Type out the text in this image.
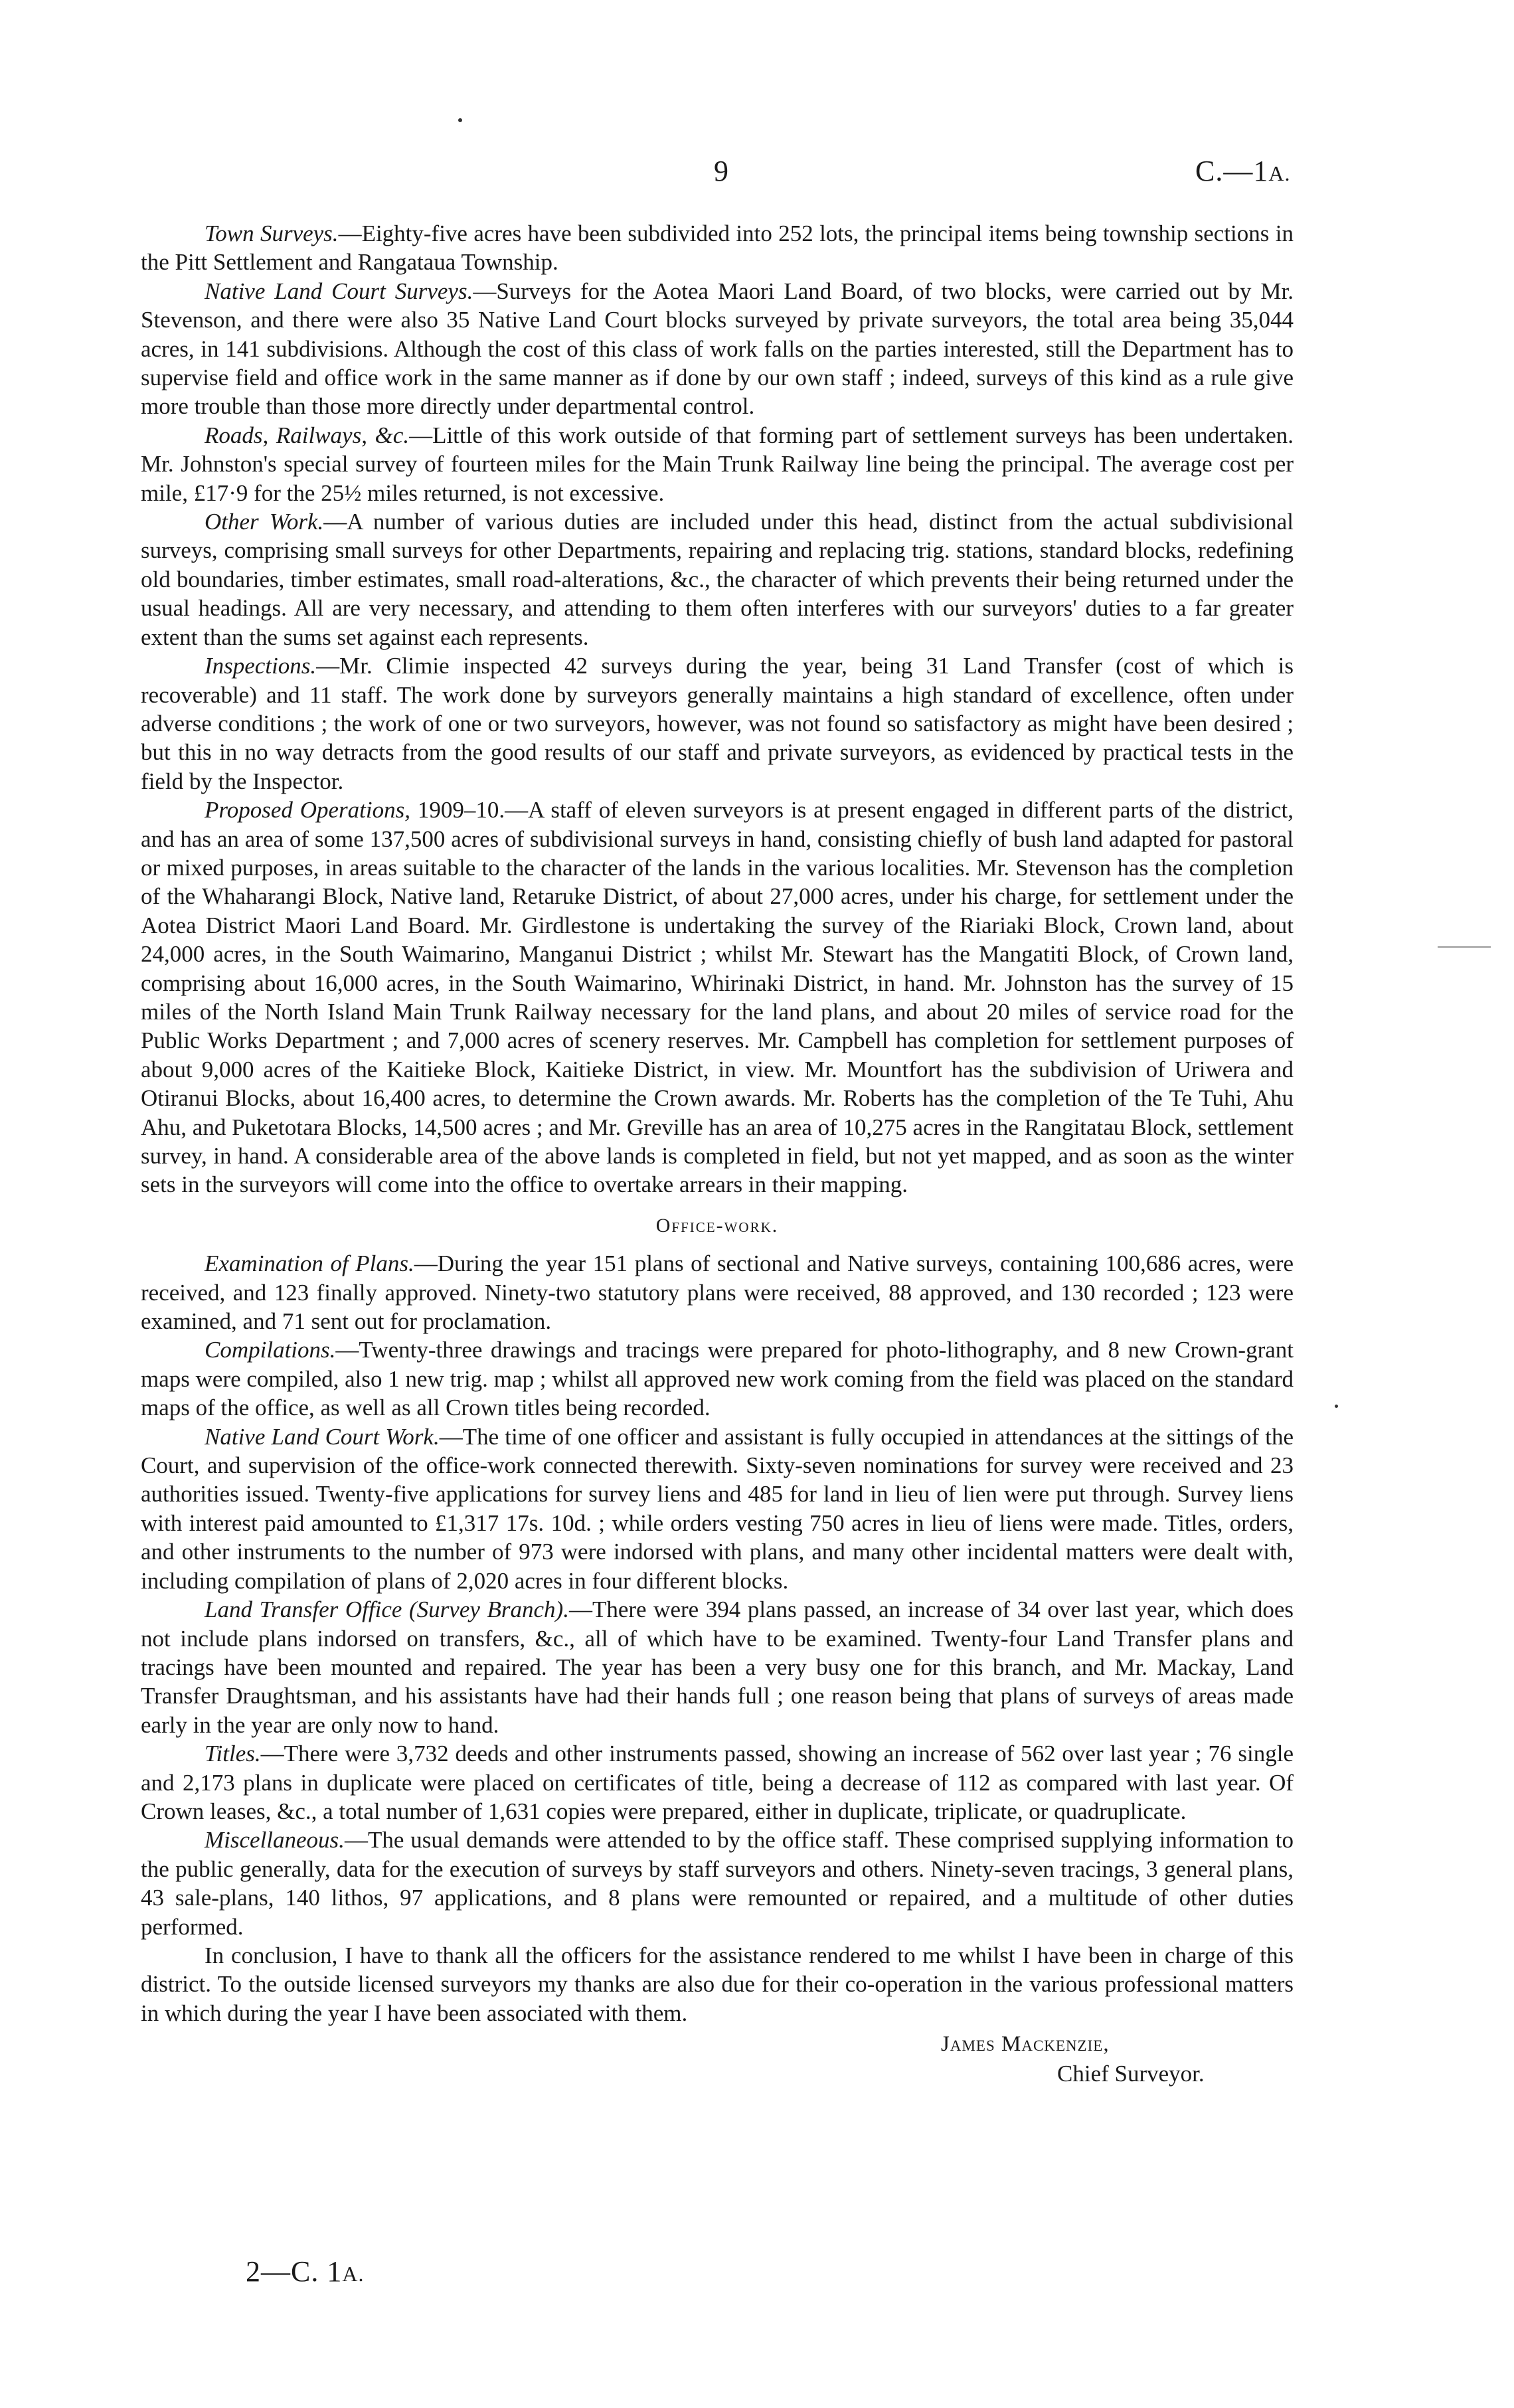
9	C.—1A.

Town Surveys.—Eighty-five acres have been subdivided into 252 lots, the principal items being township sections in the Pitt Settlement and Rangataua Township.

Native Land Court Surveys.—Surveys for the Aotea Maori Land Board, of two blocks, were carried out by Mr. Stevenson, and there were also 35 Native Land Court blocks surveyed by private surveyors, the total area being 35,044 acres, in 141 subdivisions. Although the cost of this class of work falls on the parties interested, still the Department has to supervise field and office work in the same manner as if done by our own staff ; indeed, surveys of this kind as a rule give more trouble than those more directly under departmental control.

Roads, Railways, &c.—Little of this work outside of that forming part of settlement surveys has been undertaken. Mr. Johnston's special survey of fourteen miles for the Main Trunk Railway line being the principal. The average cost per mile, £17·9 for the 25½ miles returned, is not excessive.

Other Work.—A number of various duties are included under this head, distinct from the actual subdivisional surveys, comprising small surveys for other Departments, repairing and replacing trig. stations, standard blocks, redefining old boundaries, timber estimates, small road-alterations, &c., the character of which prevents their being returned under the usual headings. All are very necessary, and attending to them often interferes with our surveyors' duties to a far greater extent than the sums set against each represents.

Inspections.—Mr. Climie inspected 42 surveys during the year, being 31 Land Transfer (cost of which is recoverable) and 11 staff. The work done by surveyors generally maintains a high standard of excellence, often under adverse conditions ; the work of one or two surveyors, however, was not found so satisfactory as might have been desired ; but this in no way detracts from the good results of our staff and private surveyors, as evidenced by practical tests in the field by the Inspector.

Proposed Operations, 1909–10.—A staff of eleven surveyors is at present engaged in different parts of the district, and has an area of some 137,500 acres of subdivisional surveys in hand, consisting chiefly of bush land adapted for pastoral or mixed purposes, in areas suitable to the character of the lands in the various localities. Mr. Stevenson has the completion of the Whaharangi Block, Native land, Retaruke District, of about 27,000 acres, under his charge, for settlement under the Aotea District Maori Land Board. Mr. Girdlestone is undertaking the survey of the Riariaki Block, Crown land, about 24,000 acres, in the South Waimarino, Manganui District ; whilst Mr. Stewart has the Mangatiti Block, of Crown land, comprising about 16,000 acres, in the South Waimarino, Whirinaki District, in hand. Mr. Johnston has the survey of 15 miles of the North Island Main Trunk Railway necessary for the land plans, and about 20 miles of service road for the Public Works Department ; and 7,000 acres of scenery reserves. Mr. Campbell has completion for settlement purposes of about 9,000 acres of the Kaitieke Block, Kaitieke District, in view. Mr. Mountfort has the subdivision of Uriwera and Otiranui Blocks, about 16,400 acres, to determine the Crown awards. Mr. Roberts has the completion of the Te Tuhi, Ahu Ahu, and Puketotara Blocks, 14,500 acres ; and Mr. Greville has an area of 10,275 acres in the Rangitatau Block, settlement survey, in hand. A considerable area of the above lands is completed in field, but not yet mapped, and as soon as the winter sets in the surveyors will come into the office to overtake arrears in their mapping.

Office-work.

Examination of Plans.—During the year 151 plans of sectional and Native surveys, containing 100,686 acres, were received, and 123 finally approved. Ninety-two statutory plans were received, 88 approved, and 130 recorded ; 123 were examined, and 71 sent out for proclamation.

Compilations.—Twenty-three drawings and tracings were prepared for photo-lithography, and 8 new Crown-grant maps were compiled, also 1 new trig. map ; whilst all approved new work coming from the field was placed on the standard maps of the office, as well as all Crown titles being recorded.

Native Land Court Work.—The time of one officer and assistant is fully occupied in attendances at the sittings of the Court, and supervision of the office-work connected therewith. Sixty-seven nominations for survey were received and 23 authorities issued. Twenty-five applications for survey liens and 485 for land in lieu of lien were put through. Survey liens with interest paid amounted to £1,317 17s. 10d. ; while orders vesting 750 acres in lieu of liens were made. Titles, orders, and other instruments to the number of 973 were indorsed with plans, and many other incidental matters were dealt with, including compilation of plans of 2,020 acres in four different blocks.

Land Transfer Office (Survey Branch).—There were 394 plans passed, an increase of 34 over last year, which does not include plans indorsed on transfers, &c., all of which have to be examined. Twenty-four Land Transfer plans and tracings have been mounted and repaired. The year has been a very busy one for this branch, and Mr. Mackay, Land Transfer Draughtsman, and his assistants have had their hands full ; one reason being that plans of surveys of areas made early in the year are only now to hand.

Titles.—There were 3,732 deeds and other instruments passed, showing an increase of 562 over last year ; 76 single and 2,173 plans in duplicate were placed on certificates of title, being a decrease of 112 as compared with last year. Of Crown leases, &c., a total number of 1,631 copies were prepared, either in duplicate, triplicate, or quadruplicate.

Miscellaneous.—The usual demands were attended to by the office staff. These comprised supplying information to the public generally, data for the execution of surveys by staff surveyors and others. Ninety-seven tracings, 3 general plans, 43 sale-plans, 140 lithos, 97 applications, and 8 plans were remounted or repaired, and a multitude of other duties performed.

In conclusion, I have to thank all the officers for the assistance rendered to me whilst I have been in charge of this district. To the outside licensed surveyors my thanks are also due for their co-operation in the various professional matters in which during the year I have been associated with them.

James Mackenzie,
Chief Surveyor.
2—C. 1A.
